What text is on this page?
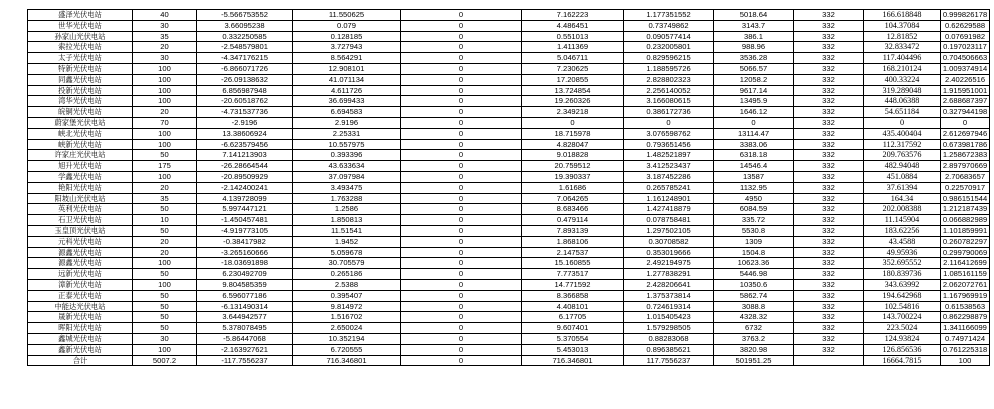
盛泽光伏电站	40	-5.566753552	11.550625	0	7.162223	1.177351552	5018.64	332	166.618848	0.999826178
世华光伏电站	30	3.66095238	0.079	0	4.486451	0.73749862	3143.7	332	104.37084	0.62629588
孙家山光伏电站	35	0.332250585	0.128185	0	0.551013	0.090577414	386.1	332	12.81852	0.07691982
索拉光伏电站	20	-2.548579801	3.727943	0	1.411369	0.232005801	988.96	332	32.833472	0.197023117
太子光伏电站	30	-4.347176215	8.564291	0	5.046711	0.829596215	3536.28	332	117.404496	0.704506663
特新光伏电站	100	-6.86607172​6	12.908101	0	7.230625	1.188595726	5066.57	332	168.210124	1.009374914
同鑫光伏电站	100	-26.09138632	41.071134	0	17.20855	2.828802323	12058.2	332	400.33224	2.40226516
投新光伏电站	100	6.856987948	4.611726	0	13.724854	2.256140052	9617.14	332	319.289048	1.915951001
湾华光伏电站	100	-20.60518762	36.699433	0	19.260326	3.166080615	13495.9	332	448.06388	2.688687397
皖铜光伏电站	20	-4.731537736	6.694583	0	2.349218	0.386172736	1646.12	332	54.651184	0.327944198
蔚家堡光伏电站	70	-2.9196	2.9196	0	0	0	0	332	0	0
峡北光伏电站	100	13.38606924	2.25331	0	18.715978	3.076598762	13114.47	332	435.400404	2.612697946
峡新光伏电站	100	-6.623579456	10.557975	0	4.828047	0.793651456	3383.06	332	112.317592	0.673981786
许家庄光伏电站	50	7.141213903	0.393396	0	9.018828	1.482521897	6318.18	332	209.763576	1.258672383
旭升光伏电站	175	-26.28664544	43.633634	0	20.759512	3.412523437	14546.4	332	482.94048	2.897970669
学鑫光伏电站	100	-20.89509929	37.097984	0	19.390337	3.187452286	13587	332	451.0884	2.70683657
艳阳光伏电站	20	-2.142400241	3.493475	0	1.61686	0.265785241	1132.95	332	37.61394	0.22570917
阳坡山光伏电站	35	4.139728099	1.763288	0	7.064265	1.161248901	4950	332	164.34	0.986151544
英利光伏电站	50	5.997447121	1.2586	0	8.683466	1.427418879	6084.59	332	202.008388	1.212187439
石卫光伏电站	10	-1.450457481	1.850813	0	0.479114	0.078758481	335.72	332	11.145904	0.066882989
玉皇顶光伏电站	50	-4.919773105	11.51541	0	7.893139	1.297502105	5530.8	332	183.62256	1.101859991
元科光伏电站	20	-0.38417982	1.9452	0	1.868106	0.30708582	1309	332	43.4588	0.260782297
源鑫光伏电站	20	-3.265160666	5.059678	0	2.147537	0.353019666	1504.8	332	49.95936	0.299790069
源鑫光伏电站	100	-18.03691898	30.705579	0	15.160855	2.492194975	10623.36	332	352.695552	2.116412699
远新光伏电站	50	6.230492709	0.265186	0	7.773517	1.277838291	5446.98	332	180.839736	1.085161159
漳新光伏电站	100	9.804585359	2.5388	0	14.771592	2.428206641	10350.6	332	343.63992	2.062072761
正泰光伏电站	50	6.596077186	0.395407	0	8.366858	1.375373814	5862.74	332	194.642968	1.167969919
中能达光伏电站	50	-6.131490314	9.814972	0	4.408101	0.724619314	3088.8	332	102.54816	0.61538563
晟新光伏电站	50	3.644942577	1.516702	0	6.17705	1.015405423	4328.32	332	143.700224	0.862298879
晖阳光伏电站	50	5.378078495	2.650024	0	9.607401	1.579298505	6732	332	223.5024	1.341166099
鑫城光伏电站	30	-5.86447068	10.352194	0	5.370554	0.88283068	3763.2	332	124.93824	0.74971424
鑫新光伏电站	100	-2.163927621	6.720555	0	5.453013	0.896385621	3820.98	332	126.856536	0.761225318
合计	5007.2	-117.7556237	716.346801	0	716.346801	117.7556237	501951.25		16664.7815	100
